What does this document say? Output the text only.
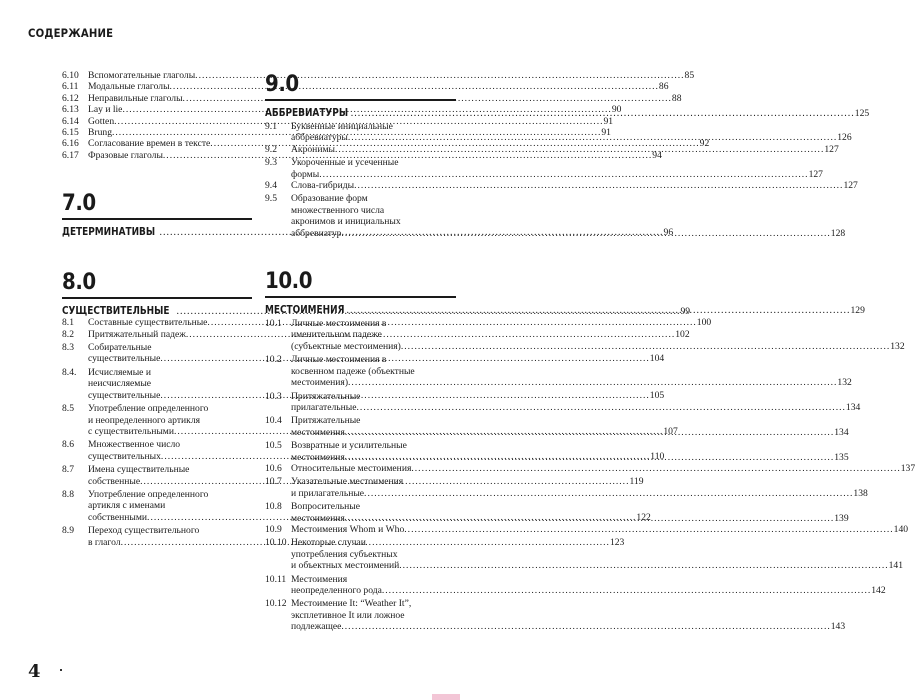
СОДЕРЖАНИЕ
6.10 Вспомогательные глаголы .....	85
6.11 Модальные глаголы .....	86
6.12 Неправильные глаголы .....	88
6.13 Lay и lie .....	90
6.14 Gotten .....	91
6.15 Brung .....	91
6.16 Согласование времен в тексте .....	92
6.17 Фразовые глаголы .....	94
7.0
ДЕТЕРМИНАТИВЫ .....	96
8.0
СУЩЕСТВИТЕЛЬНЫЕ .....	99
8.1	Составные существительные .....	100
8.2	Притяжательный падеж .....	102
8.3	Собирательные
существительные .....	104
8.4.	Исчисляемые и
неисчисляемые
существительные .....	105
8.5	Употребление определенного
и неопределенного артикля
с существительными .....	107
8.6	Множественное число
существительных .....	110
8.7	Имена существительные
собственные .....	119
8.8	Употребление определенного
артикля с именами
собственными .....	122
8.9	Переход существительного
в глагол .....	123
9.0
АББРЕВИАТУРЫ .....	125
9.1	Буквенные инициальные
аббревиатуры .....	126
9.2	Акронимы .....	127
9.3	Укороченные и усеченные
формы .....	127
9.4	Слова-гибриды .....	127
9.5	Образование форм
множественного числа
акронимов и инициальных
аббревиатур .....	128
10.0
МЕСТОИМЕНИЯ .....	129
10.1 Личные местоимения в
именительном падеже
(субъектные местоимения) .....	132
10.2 Личные местоимения в
косвенном падеже (объектные
местоимения) .....	132
10.3 Притяжательные
прилагательные .....	134
10.4 Притяжательные
местоимения .....	134
10.5 Возвратные и усилительные
местоимения .....	135
10.6 Относительные местоимения .....	137
10.7 Указательные местоимения
и прилагательные .....	138
10.8 Вопросительные
местоимения .....	139
10.9 Местоимения Whom и Who .....	140
10.10 Некоторые случаи
употребления субъектных
и объектных местоимений .....	141
10.11 Местоимения
неопределенного рода .....	142
10.12 Местоимение It: “Weather It”,
эксплетивное It или ложное
подлежащее .....	143
4
